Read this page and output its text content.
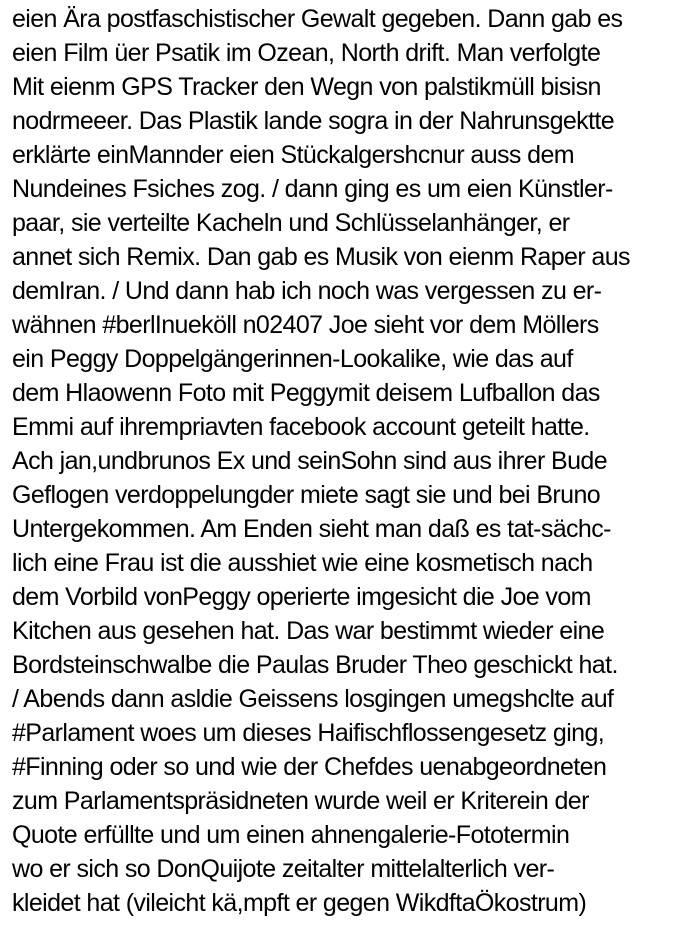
eien Ära postfaschistischer Gewalt gegeben. Dann gab es
eien Film üer Psatik im Ozean, North drift. Man verfolgte
Mit eienm GPS Tracker den Wegn von palstikmüll bisisn
nodrmeeer. Das Plastik lande sogra in der Nahrunsgektte
erklärte einMannder eien Stückalgershcnur auss dem
Nundeines Fsiches zog. / dann ging es um eien Künstler-
paar, sie verteilte Kacheln und Schlüsselanhänger, er
annet sich Remix. Dan gab es Musik von eienm Raper aus
demIran. / Und dann hab ich noch was vergessen zu er-
wähnen #berlInueköll n02407 Joe sieht vor dem Möllers
ein Peggy Doppelgängerinnen-Lookalike, wie das auf
dem Hlaowenn Foto mit Peggymit deisem Lufballon das
Emmi auf ihrempriavten facebook account geteilt hatte.
Ach jan,undbrunos Ex und seinSohn sind aus ihrer Bude
Geflogen verdoppelungder miete sagt sie und bei Bruno
Untergekommen. Am Enden sieht man daß es tat-sächc-
lich eine Frau ist die ausshiet wie eine kosmetisch nach
dem Vorbild vonPeggy operierte imgesicht die Joe vom
Kitchen aus gesehen hat. Das war bestimmt wieder eine
Bordsteinschwalbe die Paulas Bruder Theo geschickt hat.
/ Abends dann asldie Geissens losgingen umegshclte auf
#Parlament woes um dieses Haifischflossengesetz ging,
#Finning oder so und wie der Chefdes uenabgeordneten
zum Parlamentspräsidneten wurde weil er Kriterein der
Quote erfüllte und um einen ahnengalerie-Fototermin
wo er sich so DonQuijote zeitalter mittelalterlich ver-
kleidet hat (vileicht kä,mpft er gegen WikdftaÖkostrum)
